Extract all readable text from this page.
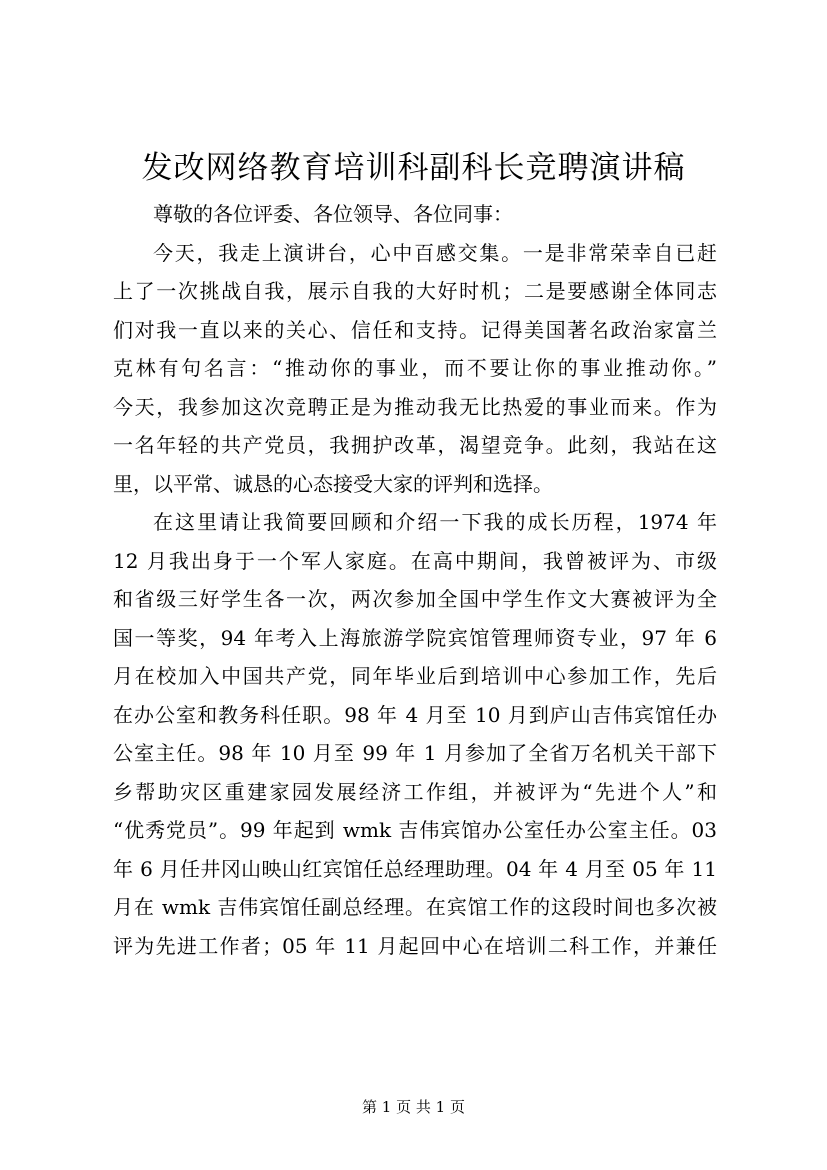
发改网络教育培训科副科长竞聘演讲稿
尊敬的各位评委、各位领导、各位同事：
今天，我走上演讲台，心中百感交集。一是非常荣幸自已赶
上了一次挑战自我，展示自我的大好时机；二是要感谢全体同志
们对我一直以来的关心、信任和支持。记得美国著名政治家富兰
克林有句名言：“推动你的事业，而不要让你的事业推动你。”
今天，我参加这次竞聘正是为推动我无比热爱的事业而来。作为
一名年轻的共产党员，我拥护改革，渴望竞争。此刻，我站在这
里，以平常、诚恳的心态接受大家的评判和选择。
在这里请让我简要回顾和介绍一下我的成长历程，1974 年
12 月我出身于一个军人家庭。在高中期间，我曾被评为、市级
和省级三好学生各一次，两次参加全国中学生作文大赛被评为全
国一等奖，94 年考入上海旅游学院宾馆管理师资专业，97 年 6
月在校加入中国共产党，同年毕业后到培训中心参加工作，先后
在办公室和教务科任职。98 年 4 月至 10 月到庐山吉伟宾馆任办
公室主任。98 年 10 月至 99 年 1 月参加了全省万名机关干部下
乡帮助灾区重建家园发展经济工作组，并被评为“先进个人”和
“优秀党员”。99 年起到 wmk 吉伟宾馆办公室任办公室主任。03
年 6 月任井冈山映山红宾馆任总经理助理。04 年 4 月至 05 年 11
月在 wmk 吉伟宾馆任副总经理。在宾馆工作的这段时间也多次被
评为先进工作者；05 年 11 月起回中心在培训二科工作，并兼任
第 1 页 共 1 页
